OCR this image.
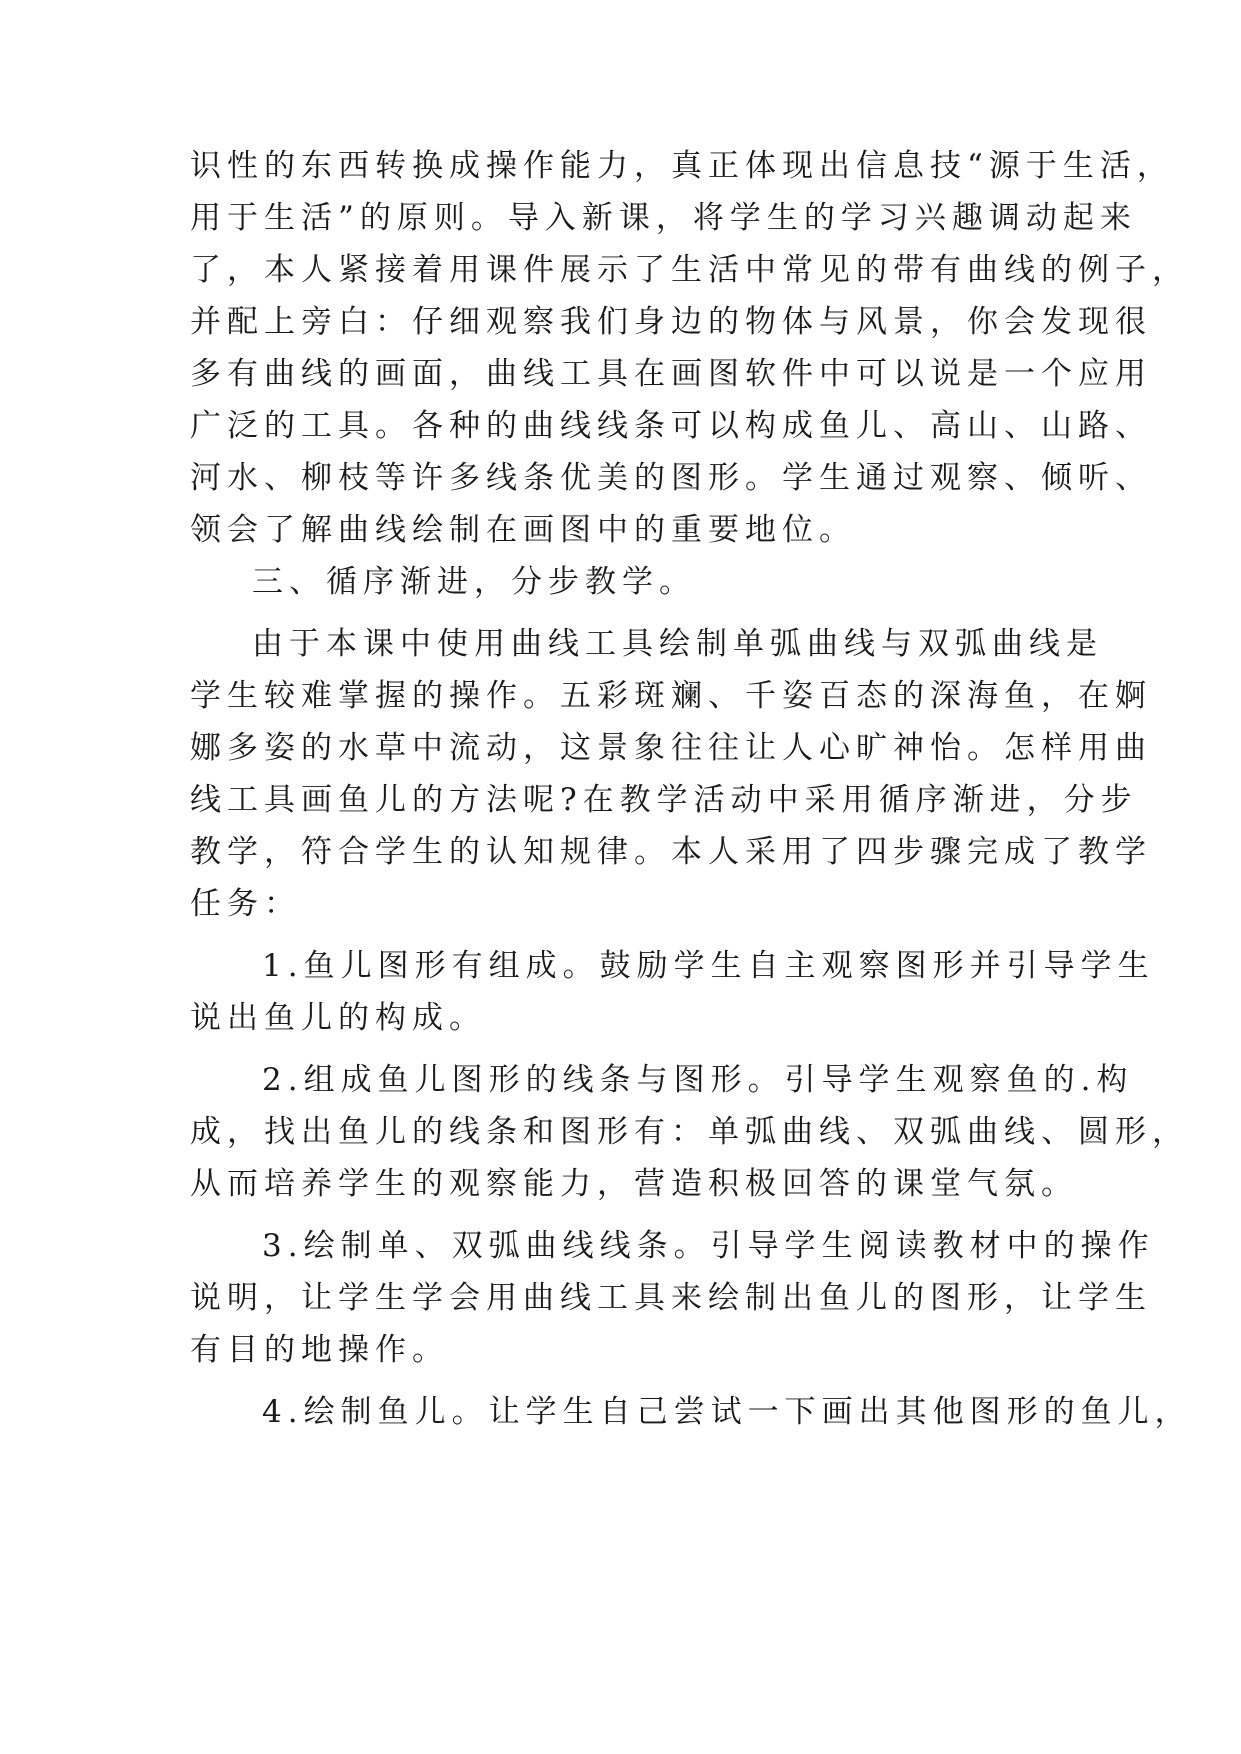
识性的东西转换成操作能力，真正体现出信息技“源于生活，
用于生活”的原则。导入新课，将学生的学习兴趣调动起来
了，本人紧接着用课件展示了生活中常见的带有曲线的例子，
并配上旁白：仔细观察我们身边的物体与风景，你会发现很
多有曲线的画面，曲线工具在画图软件中可以说是一个应用
广泛的工具。各种的曲线线条可以构成鱼儿、高山、山路、
河水、柳枝等许多线条优美的图形。学生通过观察、倾听、
领会了解曲线绘制在画图中的重要地位。
三、循序渐进，分步教学。
由于本课中使用曲线工具绘制单弧曲线与双弧曲线是
学生较难掌握的操作。五彩斑斓、千姿百态的深海鱼，在婀
娜多姿的水草中流动，这景象往往让人心旷神怡。怎样用曲
线工具画鱼儿的方法呢?在教学活动中采用循序渐进，分步
教学，符合学生的认知规律。本人采用了四步骤完成了教学
任务：
1.鱼儿图形有组成。鼓励学生自主观察图形并引导学生
说出鱼儿的构成。
2.组成鱼儿图形的线条与图形。引导学生观察鱼的.构
成，找出鱼儿的线条和图形有：单弧曲线、双弧曲线、圆形，
从而培养学生的观察能力，营造积极回答的课堂气氛。
3.绘制单、双弧曲线线条。引导学生阅读教材中的操作
说明，让学生学会用曲线工具来绘制出鱼儿的图形，让学生
有目的地操作。
4.绘制鱼儿。让学生自己尝试一下画出其他图形的鱼儿，
